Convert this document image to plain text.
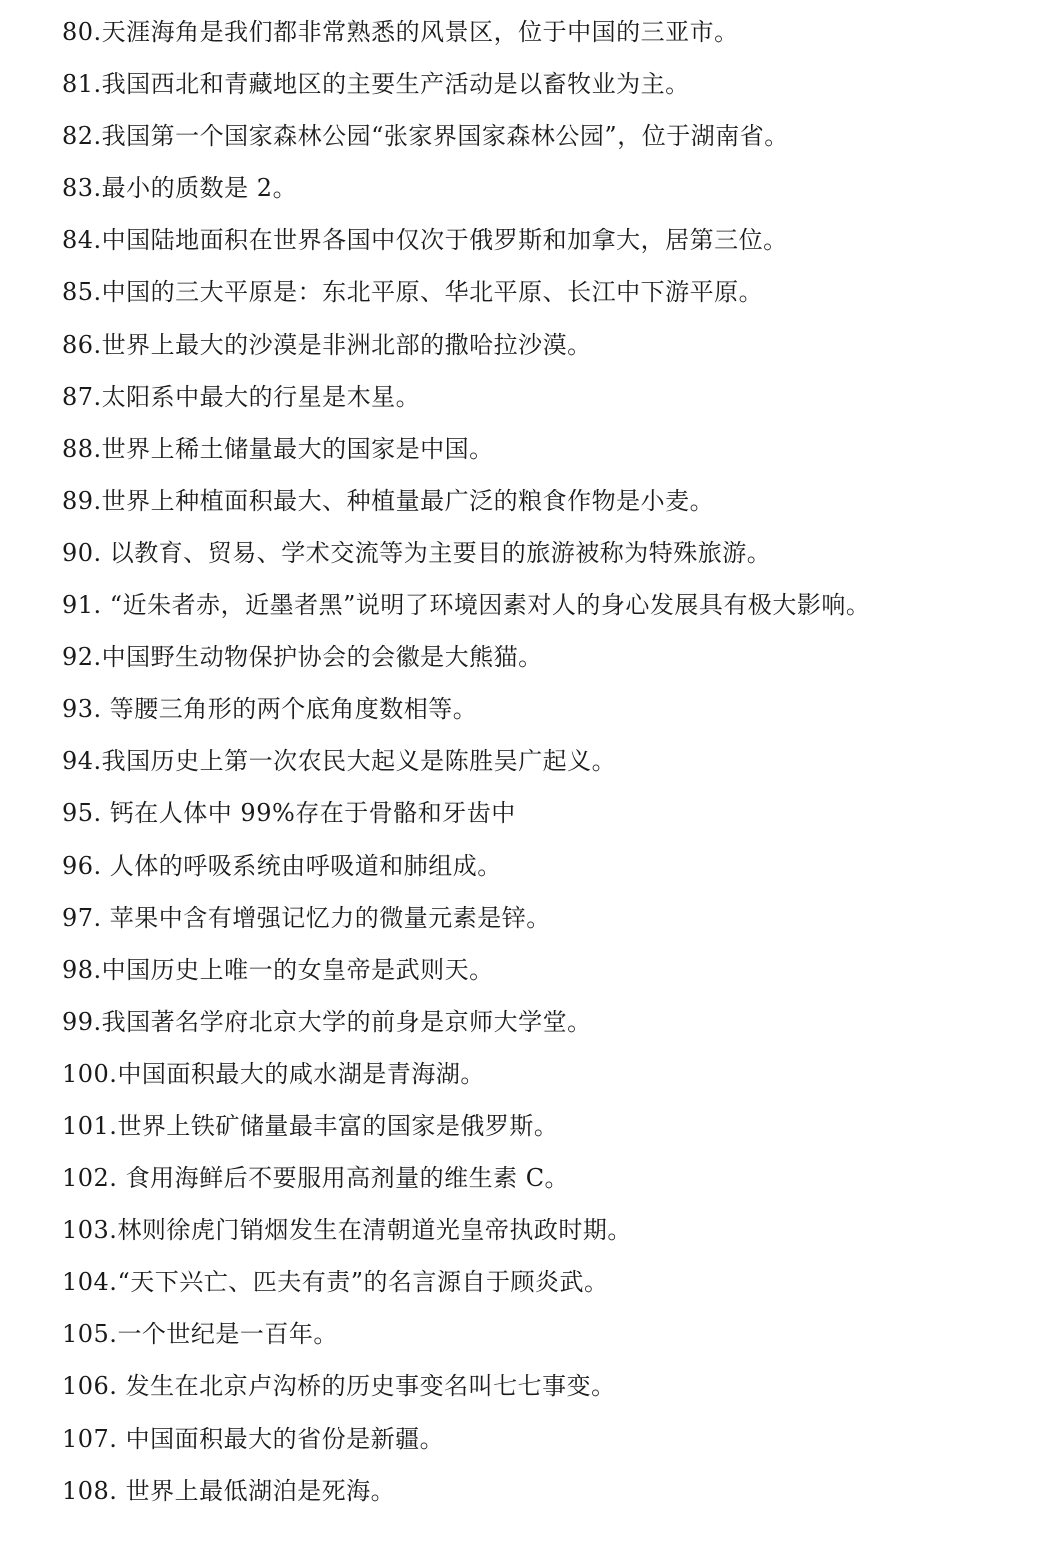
80.天涯海角是我们都非常熟悉的风景区，位于中国的三亚市。
81.我国西北和青藏地区的主要生产活动是以畜牧业为主。
82.我国第一个国家森林公园“张家界国家森林公园”，位于湖南省。
83.最小的质数是 2。
84.中国陆地面积在世界各国中仅次于俄罗斯和加拿大，居第三位。
85.中国的三大平原是：东北平原、华北平原、长江中下游平原。
86.世界上最大的沙漠是非洲北部的撒哈拉沙漠。
87.太阳系中最大的行星是木星。
88.世界上稀土储量最大的国家是中国。
89.世界上种植面积最大、种植量最广泛的粮食作物是小麦。
90. 以教育、贸易、学术交流等为主要目的旅游被称为特殊旅游。
91. “近朱者赤，近墨者黑”说明了环境因素对人的身心发展具有极大影响。
92.中国野生动物保护协会的会徽是大熊猫。
93. 等腰三角形的两个底角度数相等。
94.我国历史上第一次农民大起义是陈胜吴广起义。
95. 钙在人体中 99%存在于骨骼和牙齿中
96. 人体的呼吸系统由呼吸道和肺组成。
97. 苹果中含有增强记忆力的微量元素是锌。
98.中国历史上唯一的女皇帝是武则天。
99.我国著名学府北京大学的前身是京师大学堂。
100.中国面积最大的咸水湖是青海湖。
101.世界上铁矿储量最丰富的国家是俄罗斯。
102. 食用海鲜后不要服用高剂量的维生素 C。
103.林则徐虎门销烟发生在清朝道光皇帝执政时期。
104.“天下兴亡、匹夫有责”的名言源自于顾炎武。
105.一个世纪是一百年。
106. 发生在北京卢沟桥的历史事变名叫七七事变。
107. 中国面积最大的省份是新疆。
108. 世界上最低湖泊是死海。
